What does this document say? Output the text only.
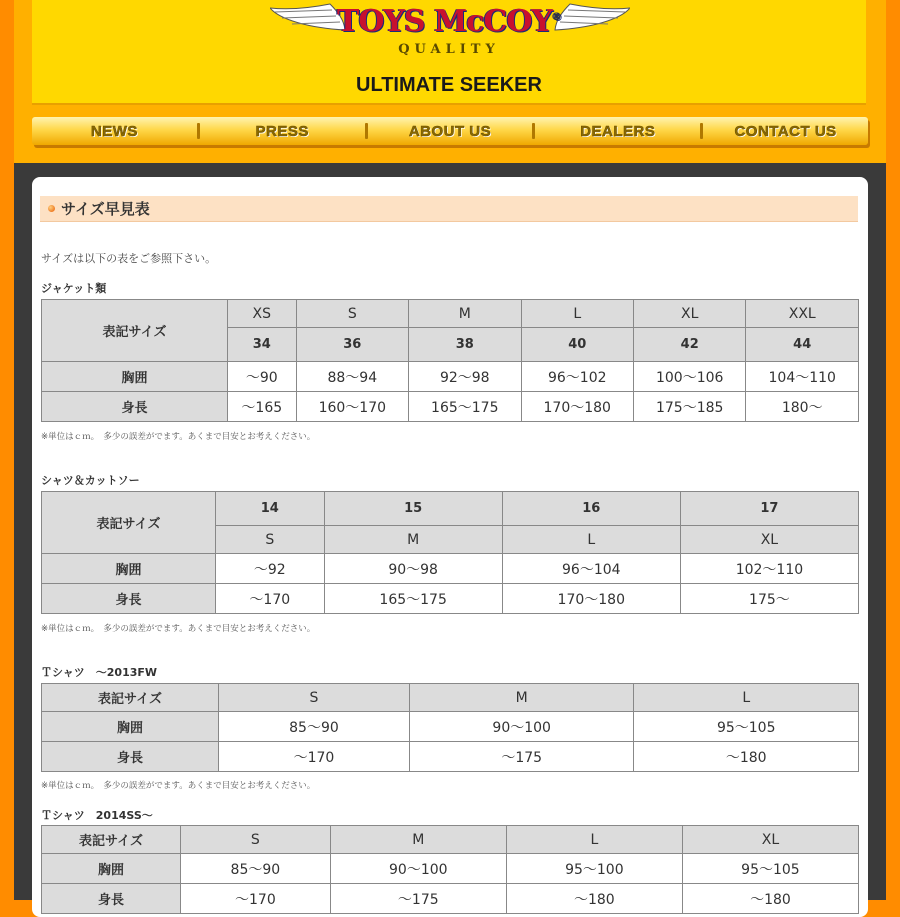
TOYS McCOY®
QUALITY
ULTIMATE SEEKER
NEWS	PRESS	ABOUT US	DEALERS	CONTACT US
サイズ早見表
サイズは以下の表をご参照下さい。
ジャケット類
表記サイズ	XS	S	M	L	XL	XXL
	34	36	38	40	42	44
胸囲	～90	88～94	92～98	96～102	100～106	104～110
身長	～165	160～170	165～175	170～180	175～185	180～
※単位はｃｍ。　多少の誤差がでます。あくまで目安とお考えください。
シャツ＆カットソー
表記サイズ	14	15	16	17
	S	M	L	XL
胸囲	～92	90～98	96～104	102～110
身長	～170	165～175	170～180	175～
※単位はｃｍ。　多少の誤差がでます。あくまで目安とお考えください。
Ｔシャツ　～2013FW
表記サイズ	S	M	L
胸囲	85～90	90～100	95～105
身長	～170	～175	～180
※単位はｃｍ。　多少の誤差がでます。あくまで目安とお考えください。
Ｔシャツ　2014SS～
表記サイズ	S	M	L	XL
胸囲	85～90	90～100	95～100	95～105
身長	～170	～175	～180	～180
